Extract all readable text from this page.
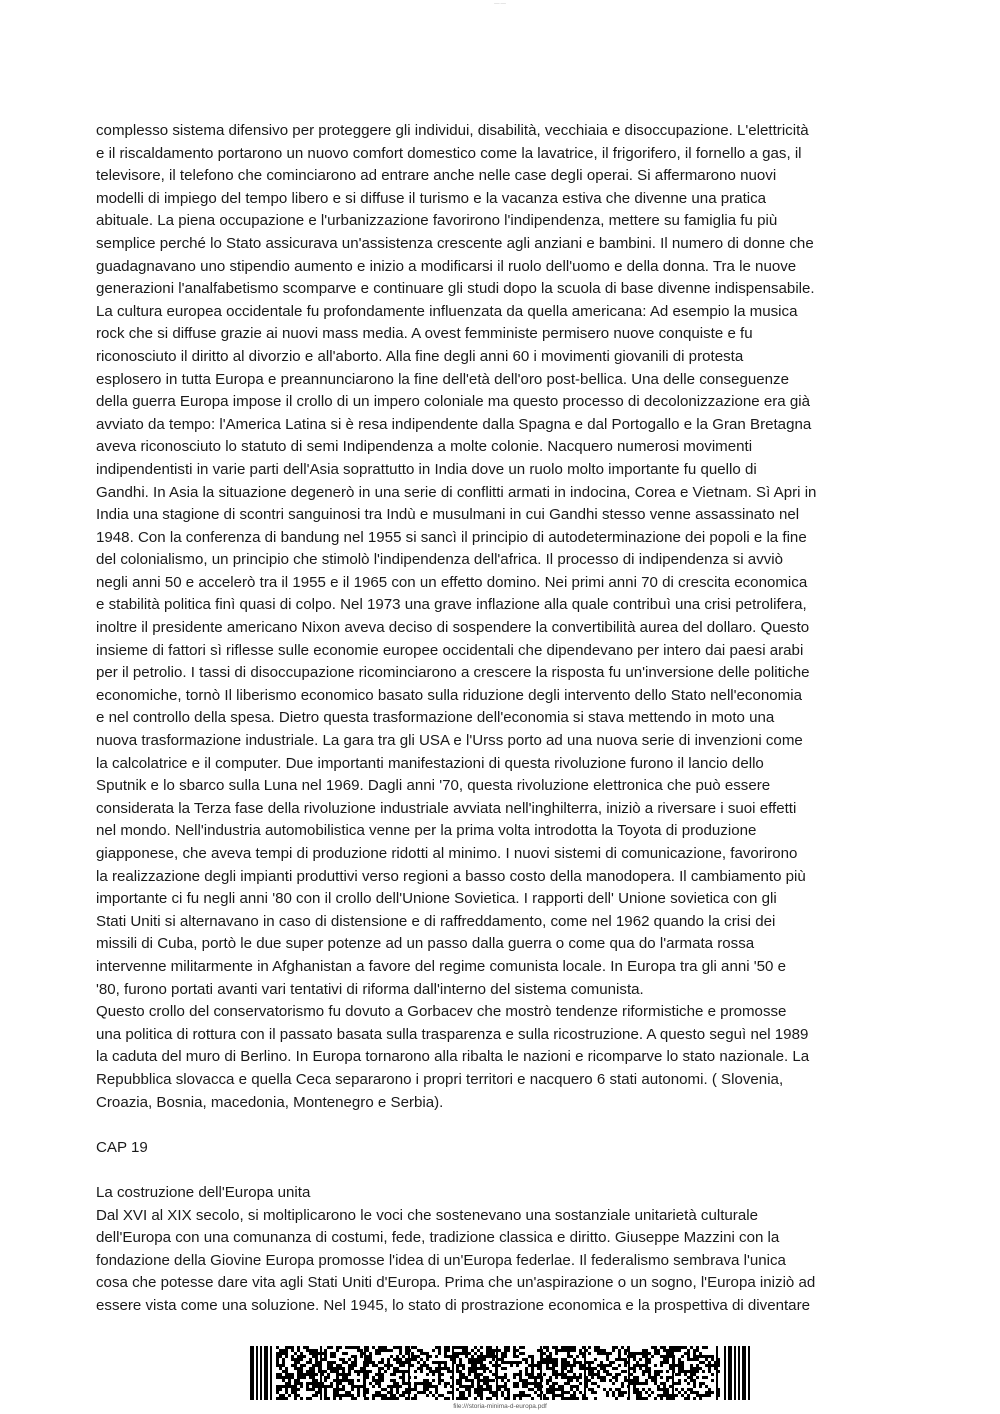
—·—

complesso sistema difensivo per proteggere gli individui, disabilità, vecchiaia e disoccupazione. L'elettricità
e il riscaldamento portarono un nuovo comfort domestico come la lavatrice, il frigorifero, il fornello a gas, il
televisore, il telefono che cominciarono ad entrare anche nelle case degli operai. Si affermarono nuovi
modelli di impiego del tempo libero e si diffuse il turismo e la vacanza estiva che divenne una pratica
abituale. La piena occupazione e l'urbanizzazione favorirono l'indipendenza, mettere su famiglia fu più
semplice perché lo Stato assicurava un'assistenza crescente agli anziani e bambini. Il numero di donne che
guadagnavano uno stipendio aumento e inizio a modificarsi il ruolo dell'uomo e della donna. Tra le nuove
generazioni l'analfabetismo scomparve e continuare gli studi dopo la scuola di base divenne indispensabile.
La cultura europea occidentale fu profondamente influenzata da quella americana: Ad esempio la musica
rock che si diffuse grazie ai nuovi mass media. A ovest femministe permisero nuove conquiste e fu
riconosciuto il diritto al divorzio e all'aborto. Alla fine degli anni 60 i movimenti giovanili di protesta
esplosero in tutta Europa e preannunciarono la fine dell'età dell'oro post-bellica. Una delle conseguenze
della guerra Europa impose il crollo di un impero coloniale ma questo processo di decolonizzazione era già
avviato da tempo: l'America Latina si è resa indipendente dalla Spagna e dal Portogallo e la Gran Bretagna
aveva riconosciuto lo statuto di semi Indipendenza a molte colonie. Nacquero numerosi movimenti
indipendentisti in varie parti dell'Asia soprattutto in India dove un ruolo molto importante fu quello di
Gandhi. In Asia la situazione degenerò in una serie di conflitti armati in indocina, Corea e Vietnam. Sì Apri in
India una stagione di scontri sanguinosi tra Indù e musulmani in cui Gandhi stesso venne assassinato nel
1948. Con la conferenza di bandung nel 1955 si sancì il principio di autodeterminazione dei popoli e la fine
del colonialismo, un principio che stimolò l'indipendenza dell'africa. Il processo di indipendenza si avviò
negli anni 50 e accelerò tra il 1955 e il 1965 con un effetto domino. Nei primi anni 70 di crescita economica
e stabilità politica finì quasi di colpo. Nel 1973 una grave inflazione alla quale contribuì una crisi petrolifera,
inoltre il presidente americano Nixon aveva deciso di sospendere la convertibilità aurea del dollaro. Questo
insieme di fattori sì riflesse sulle economie europee occidentali che dipendevano per intero dai paesi arabi
per il petrolio. I tassi di disoccupazione ricominciarono a crescere la risposta fu un'inversione delle politiche
economiche, tornò Il liberismo economico basato sulla riduzione degli intervento dello Stato nell'economia
e nel controllo della spesa. Dietro questa trasformazione dell'economia si stava mettendo in moto una
nuova trasformazione industriale. La gara tra gli USA e l'Urss porto ad una nuova serie di invenzioni come
la calcolatrice e il computer. Due importanti manifestazioni di questa rivoluzione furono il lancio dello
Sputnik e lo sbarco sulla Luna nel 1969. Dagli anni '70, questa rivoluzione elettronica che può essere
considerata la Terza fase della rivoluzione industriale avviata nell'inghilterra, iniziò a riversare i suoi effetti
nel mondo. Nell'industria automobilistica venne per la prima volta introdotta la Toyota di produzione
giapponese, che aveva tempi di produzione ridotti al minimo. I nuovi sistemi di comunicazione, favorirono
la realizzazione degli impianti produttivi verso regioni a basso costo della manodopera. Il cambiamento più
importante ci fu negli anni '80 con il crollo dell'Unione Sovietica. I rapporti dell' Unione sovietica con gli
Stati Uniti si alternavano in caso di distensione e di raffreddamento, come nel 1962 quando la crisi dei
missili di Cuba, portò le due super potenze ad un passo dalla guerra o come qua do l'armata rossa
intervenne militarmente in Afghanistan a favore del regime comunista locale. In Europa tra gli anni '50 e
'80, furono portati avanti vari tentativi di riforma dall'interno del sistema comunista.

Questo crollo del conservatorismo fu dovuto a Gorbacev che mostrò tendenze riformistiche e promosse
una politica di rottura con il passato basata sulla trasparenza e sulla ricostruzione. A questo seguì nel 1989
la caduta del muro di Berlino. In Europa tornarono alla ribalta le nazioni e ricomparve lo stato nazionale. La
Repubblica slovacca e quella Ceca separarono i propri territori e nacquero 6 stati autonomi. ( Slovenia,
Croazia, Bosnia, macedonia, Montenegro e Serbia).

CAP 19

La costruzione dell'Europa unita

Dal XVI al XIX secolo, si moltiplicarono le voci che sostenevano una sostanziale unitarietà culturale
dell'Europa con una comunanza di costumi, fede, tradizione classica e diritto. Giuseppe Mazzini con la
fondazione della Giovine Europa promosse l'idea di un'Europa federlae. Il federalismo sembrava l'unica
cosa che potesse dare vita agli Stati Uniti d'Europa. Prima che un'aspirazione o un sogno, l'Europa iniziò ad
essere vista come una soluzione. Nel 1945, lo stato di prostrazione economica e la prospettiva di diventare

file:///storia-minima-d-europa.pdf
